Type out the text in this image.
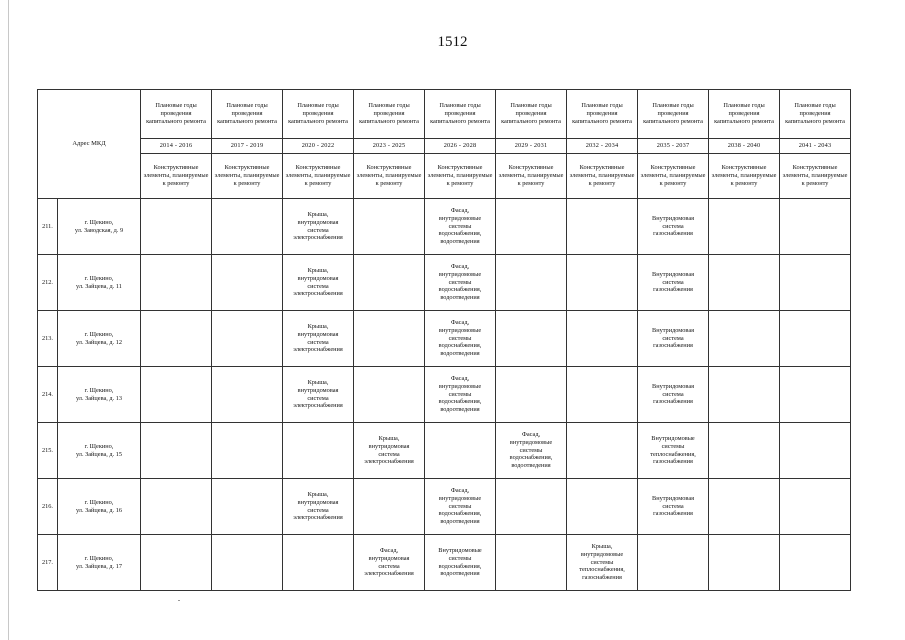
1512
Адрес МКД		Плановые годы проведения капитального ремонта	Плановые годы проведения капитального ремонта	Плановые годы проведения капитального ремонта	Плановые годы проведения капитального ремонта	Плановые годы проведения капитального ремонта	Плановые годы проведения капитального ремонта	Плановые годы проведения капитального ремонта	Плановые годы проведения капитального ремонта	Плановые годы проведения капитального ремонта	Плановые годы проведения капитального ремонта
		2014 - 2016	2017 - 2019	2020 - 2022	2023 - 2025	2026 - 2028	2029 - 2031	2032 - 2034	2035 - 2037	2038 - 2040	2041 - 2043
		Конструктивные элементы, планируемые к ремонту	Конструктивные элементы, планируемые к ремонту	Конструктивные элементы, планируемые к ремонту	Конструктивные элементы, планируемые к ремонту	Конструктивные элементы, планируемые к ремонту	Конструктивные элементы, планируемые к ремонту	Конструктивные элементы, планируемые к ремонту	Конструктивные элементы, планируемые к ремонту	Конструктивные элементы, планируемые к ремонту	Конструктивные элементы, планируемые к ремонту
211.	г. Щекино,
ул. Заводская, д. 9			Крыша,
внутридомовая
система
электроснабжения		Фасад,
внутридомовые
системы
водоснабжения,
водоотведения			Внутридомовая
система
газоснабжения		
212.	г. Щекино,
ул. Зайцева, д. 11			Крыша,
внутридомовая
система
электроснабжения		Фасад,
внутридомовые
системы
водоснабжения,
водоотведения			Внутридомовая
система
газоснабжения		
213.	г. Щекино,
ул. Зайцева, д. 12			Крыша,
внутридомовая
система
электроснабжения		Фасад,
внутридомовые
системы
водоснабжения,
водоотведения			Внутридомовая
система
газоснабжения		
214.	г. Щекино,
ул. Зайцева, д. 13			Крыша,
внутридомовая
система
электроснабжения		Фасад,
внутридомовые
системы
водоснабжения,
водоотведения			Внутридомовая
система
газоснабжения		
215.	г. Щекино,
ул. Зайцева, д. 15				Крыша,
внутридомовая
система
электроснабжения		Фасад,
внутридомовые
системы
водоснабжения,
водоотведения		Внутридомовые
системы
теплоснабжения,
газоснабжения		
216.	г. Щекино,
ул. Зайцева, д. 16			Крыша,
внутридомовая
система
электроснабжения		Фасад,
внутридомовые
системы
водоснабжения,
водоотведения			Внутридомовая
система
газоснабжения		
217.	г. Щекино,
ул. Зайцева, д. 17				Фасад,
внутридомовая
система
электроснабжения	Внутридомовые
системы
водоснабжения,
водоотведения		Крыша,
внутридомовые
системы
теплоснабжения,
газоснабжения			
